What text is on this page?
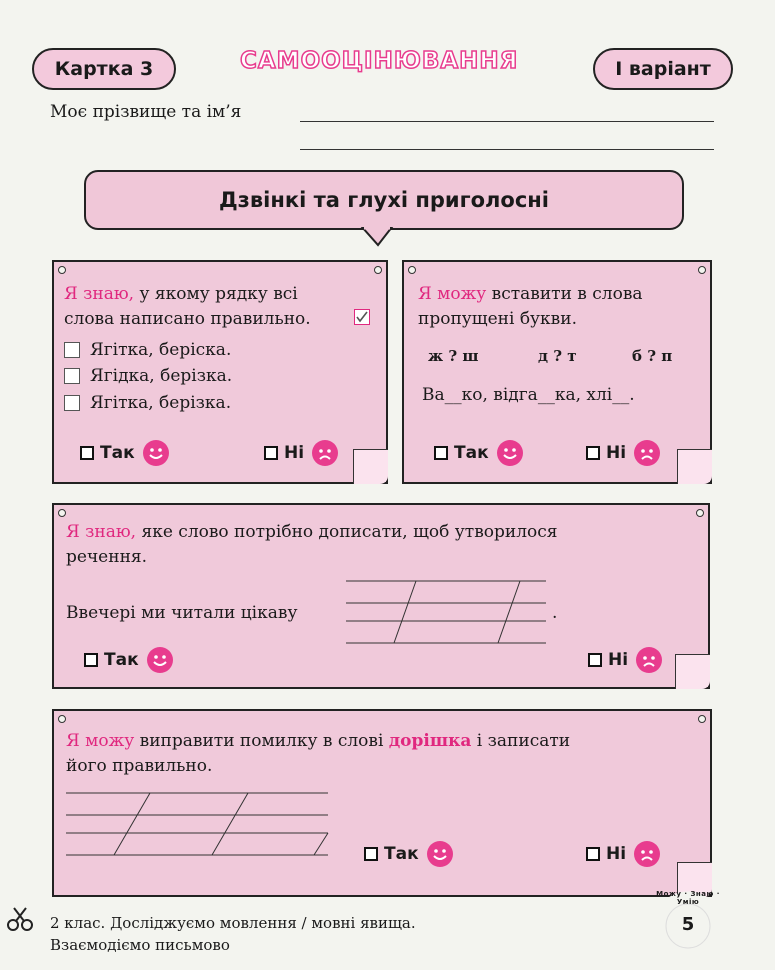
Картка 3	САМООЦІНЮВАННЯ	І варіант
Моє прізвище та ім’я
Дзвінкі та глухі приголосні
Я знаю, у якому рядку всі
слова написано правильно.
Ягітка, беріска.
Ягідка, берізка.
Ягітка, берізка.
Так	Ні
Я можу вставити в слова
пропущені букви.
ж ? ш	д ? т	б ? п
Ва__ко, відга__ка, хлі__.
Так	Ні
Я знаю, яке слово потрібно дописати, щоб утворилося
речення.
Ввечері ми читали цікаву	.
Так	Ні
Я можу виправити помилку в слові дорішка і записати
його правильно.
Так	Ні
2 клас. Досліджуємо мовлення / мовні явища.
Взаємодіємо письмово
Можу · Знаю · Умію
5
